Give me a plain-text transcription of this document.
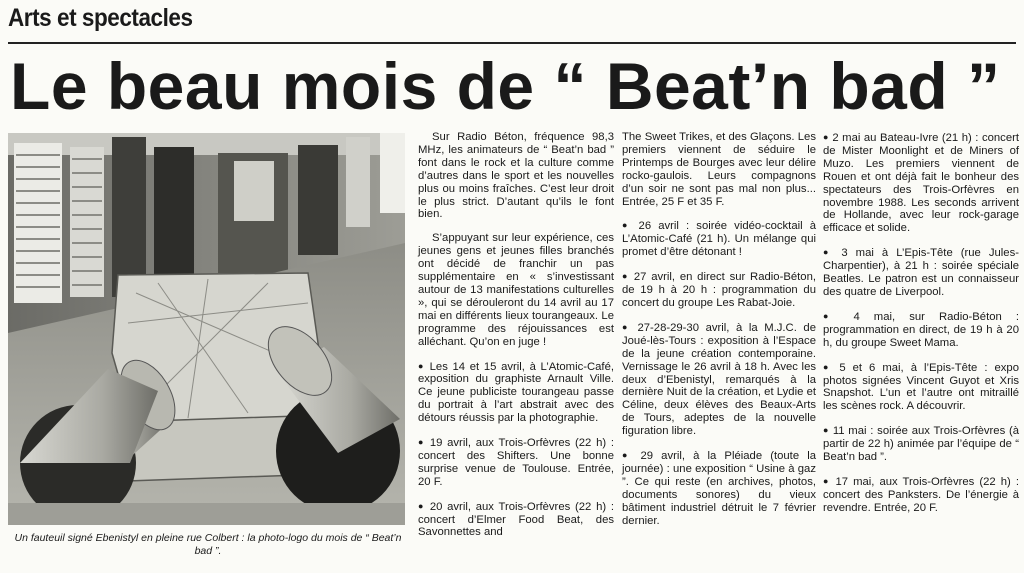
Arts et spectacles
Le beau mois de “ Beat’n bad ”
Un fauteuil signé Ebenistyl en pleine rue Colbert : la photo-logo du mois de “ Beat’n bad ”.

Sur Radio Béton, fréquence 98,3 MHz, les animateurs de “ Beat’n bad ” font dans le rock et la culture comme d’autres dans le sport et les nouvelles plus ou moins fraîches. C’est leur droit le plus strict. D’autant qu’ils le font bien.

S’appuyant sur leur expérience, ces jeunes gens et jeunes filles branchés ont décidé de franchir un pas supplémentaire en « s’investissant autour de 13 manifestations culturelles », qui se dérouleront du 14 avril au 17 mai en différents lieux tourangeaux. Le programme des réjouissances est alléchant. Qu’on en juge !

● Les 14 et 15 avril, à L’Atomic-Café, exposition du graphiste Arnault Ville. Ce jeune publiciste tourangeau passe du portrait à l’art abstrait avec des détours réussis par la photographie.

● 19 avril, aux Trois-Orfèvres (22 h) : concert des Shifters. Une bonne surprise venue de Toulouse. Entrée, 20 F.

● 20 avril, aux Trois-Orfèvres (22 h) : concert d’Elmer Food Beat, des Savonnettes and

The Sweet Trikes, et des Glaçons. Les premiers viennent de séduire le Printemps de Bourges avec leur délire rocko-gaulois. Leurs compagnons d’un soir ne sont pas mal non plus... Entrée, 25 F et 35 F.

● 26 avril : soirée vidéo-cocktail à L’Atomic-Café (21 h). Un mélange qui promet d’être détonant !

● 27 avril, en direct sur Radio-Béton, de 19 h à 20 h : programmation du concert du groupe Les Rabat-Joie.

● 27-28-29-30 avril, à la M.J.C. de Joué-lès-Tours : exposition à l’Espace de la jeune création contemporaine. Vernissage le 26 avril à 18 h. Avec les deux d’Ebenistyl, remarqués à la dernière Nuit de la création, et Lydie et Céline, deux élèves des Beaux-Arts de Tours, adeptes de la nouvelle figuration libre.

● 29 avril, à la Pléiade (toute la journée) : une exposition “ Usine à gaz ”. Ce qui reste (en archives, photos, documents sonores) du vieux bâtiment industriel détruit le 7 février dernier.

● 2 mai au Bateau-Ivre (21 h) : concert de Mister Moonlight et de Miners of Muzo. Les premiers viennent de Rouen et ont déjà fait le bonheur des spectateurs des Trois-Orfèvres en novembre 1988. Les seconds arrivent de Hollande, avec leur rock-garage efficace et solide.

● 3 mai à L’Epis-Tête (rue Jules-Charpentier), à 21 h : soirée spéciale Beatles. Le patron est un connaisseur des quatre de Liverpool.

● 4 mai, sur Radio-Béton : programmation en direct, de 19 h à 20 h, du groupe Sweet Mama.

● 5 et 6 mai, à l’Epis-Tête : expo photos signées Vincent Guyot et Xris Snapshot. L’un et l’autre ont mitraillé les scènes rock. A découvrir.

● 11 mai : soirée aux Trois-Orfèvres (à partir de 22 h) animée par l’équipe de “ Beat’n bad ”.

● 17 mai, aux Trois-Orfèvres (22 h) : concert des Panksters. De l’énergie à revendre. Entrée, 20 F.
